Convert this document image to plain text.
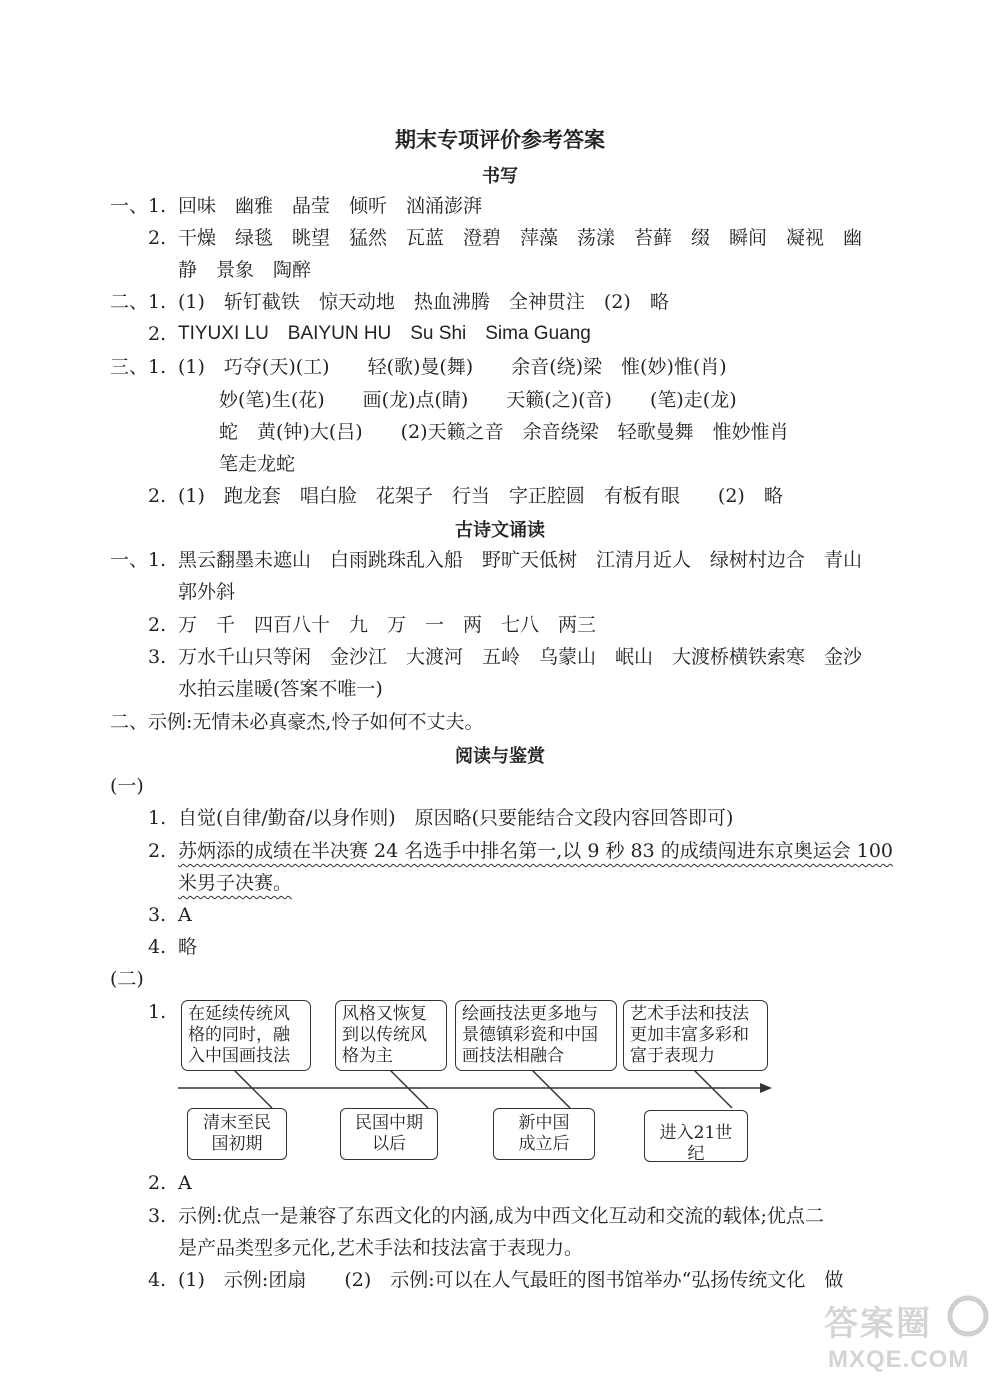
期末专项评价参考答案
书写
一、1. 回味　幽雅　晶莹　倾听　汹涌澎湃
2. 干燥　绿毯　眺望　猛然　瓦蓝　澄碧　萍藻　荡漾　苔藓　缀　瞬间　凝视　幽
静　景象　陶醉
二、1. (1)　斩钉截铁　惊天动地　热血沸腾　全神贯注　(2)　略
2. TIYUXI LU　BAIYUN HU　Su Shi　Sima Guang
三、1. (1)　巧夺(天)(工)　　轻(歌)曼(舞)　　余音(绕)梁　惟(妙)惟(肖)
妙(笔)生(花)　　画(龙)点(睛)　　天籁(之)(音)　　(笔)走(龙)
蛇　黄(钟)大(吕)　　(2)天籁之音　余音绕梁　轻歌曼舞　惟妙惟肖
笔走龙蛇
2. (1)　跑龙套　唱白脸　花架子　行当　字正腔圆　有板有眼　　(2)　略
古诗文诵读
一、1. 黑云翻墨未遮山　白雨跳珠乱入船　野旷天低树　江清月近人　绿树村边合　青山
郭外斜
2. 万　千　四百八十　九　万　一　两　七八　两三
3. 万水千山只等闲　金沙江　大渡河　五岭　乌蒙山　岷山　大渡桥横铁索寒　金沙
水拍云崖暖(答案不唯一)
二、示例:无情未必真豪杰,怜子如何不丈夫。
阅读与鉴赏
(一)
1. 自觉(自律/勤奋/以身作则)　原因略(只要能结合文段内容回答即可)
2. 苏炳添的成绩在半决赛 24 名选手中排名第一,以 9 秒 83 的成绩闯进东京奥运会 100
米男子决赛。
3. A
4. 略
(二)
1. 在延续传统风
格的同时，融
入中国画技法
风格又恢复
到以传统风
格为主
绘画技法更多地与
景德镇彩瓷和中国
画技法相融合
艺术手法和技法
更加丰富多彩和
富于表现力
清末至民
国初期
民国中期
以后
新中国
成立后
进入21世纪
2. A
3. 示例:优点一是兼容了东西文化的内涵,成为中西文化互动和交流的载体;优点二
是产品类型多元化,艺术手法和技法富于表现力。
4. (1)　示例:团扇　　(2)　示例:可以在人气最旺的图书馆举办“弘扬传统文化　做
答案圈
MXQE.COM
